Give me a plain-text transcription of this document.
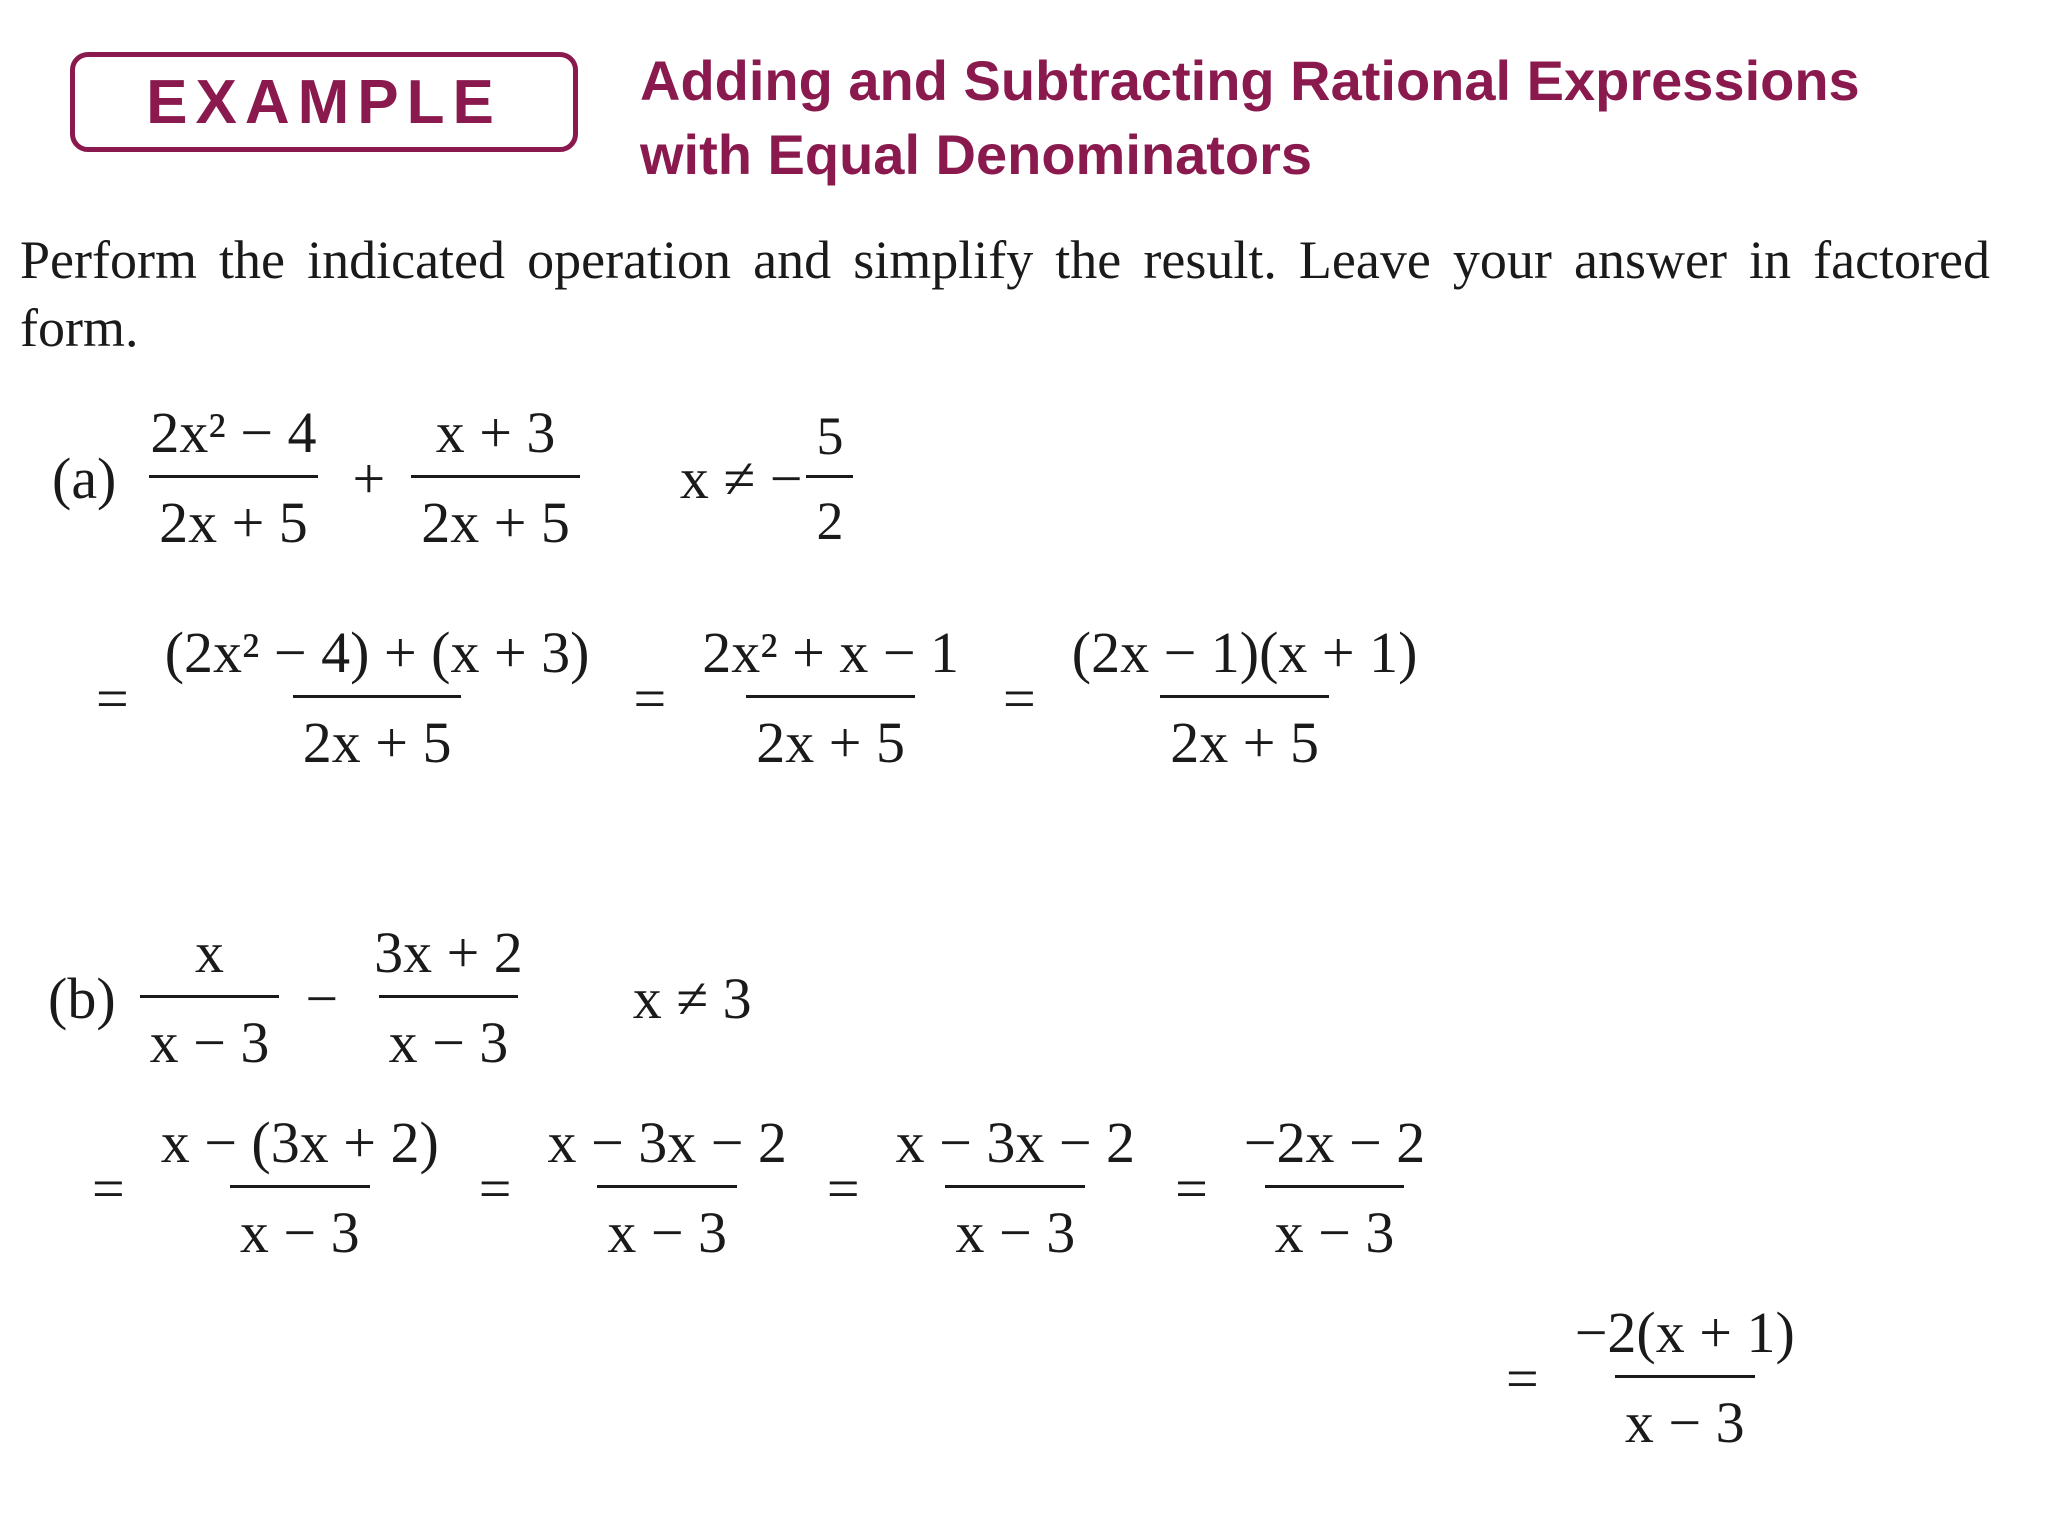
EXAMPLE	Adding and Subtracting Rational Expressions
with Equal Denominators
Perform the indicated operation and simplify the result. Leave your answer in factored form.
$(a) \frac{\text{2x² − 4}}{2x + 5} + \frac{x + 3}{2x + 5}$ x ≠ − $\frac{5}{2}$
= $\frac{\text{(2x² − 4) + (x + 3)}}{2x + 5} = \frac{\text{2x² + x − 1}}{2x + 5} = \frac{(2x - 1)(x + 1)}{2x + 5}$
$(b) \frac{x}{x - 3} - \frac{3x + 2}{x - 3}$ x ≠ 3
= $\frac{x - (3x + 2)}{x - 3} = \frac{x - 3x - 2}{x - 3} = \frac{x - 3x - 2}{x - 3} = \frac{-2x - 2}{x - 3}$
= $\frac{-2(x + 1)}{x - 3}$
